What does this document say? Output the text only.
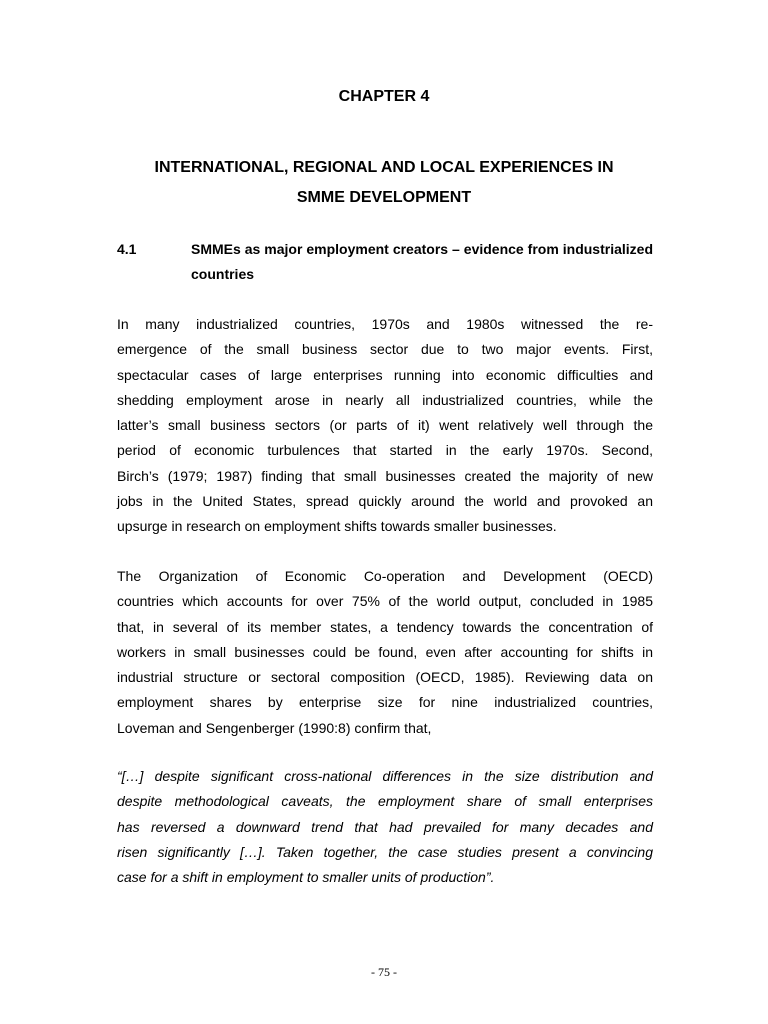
CHAPTER 4
INTERNATIONAL, REGIONAL AND LOCAL EXPERIENCES IN
SMME DEVELOPMENT
4.1	SMMEs as major employment creators – evidence from industrialized countries

In many industrialized countries, 1970s and 1980s witnessed the re-
emergence of the small business sector due to two major events. First,
spectacular cases of large enterprises running into economic difficulties and
shedding employment arose in nearly all industrialized countries, while the
latter’s small business sectors (or parts of it) went relatively well through the
period of economic turbulences that started in the early 1970s. Second,
Birch’s (1979; 1987) finding that small businesses created the majority of new
jobs in the United States, spread quickly around the world and provoked an
upsurge in research on employment shifts towards smaller businesses.

The Organization of Economic Co-operation and Development (OECD)
countries which accounts for over 75% of the world output, concluded in 1985
that, in several of its member states, a tendency towards the concentration of
workers in small businesses could be found, even after accounting for shifts in
industrial structure or sectoral composition (OECD, 1985). Reviewing data on
employment shares by enterprise size for nine industrialized countries,
Loveman and Sengenberger (1990:8) confirm that,

“[…] despite significant cross-national differences in the size distribution and
despite methodological caveats, the employment share of small enterprises
has reversed a downward trend that had prevailed for many decades and
risen significantly […]. Taken together, the case studies present a convincing
case for a shift in employment to smaller units of production”.

- 75 -
